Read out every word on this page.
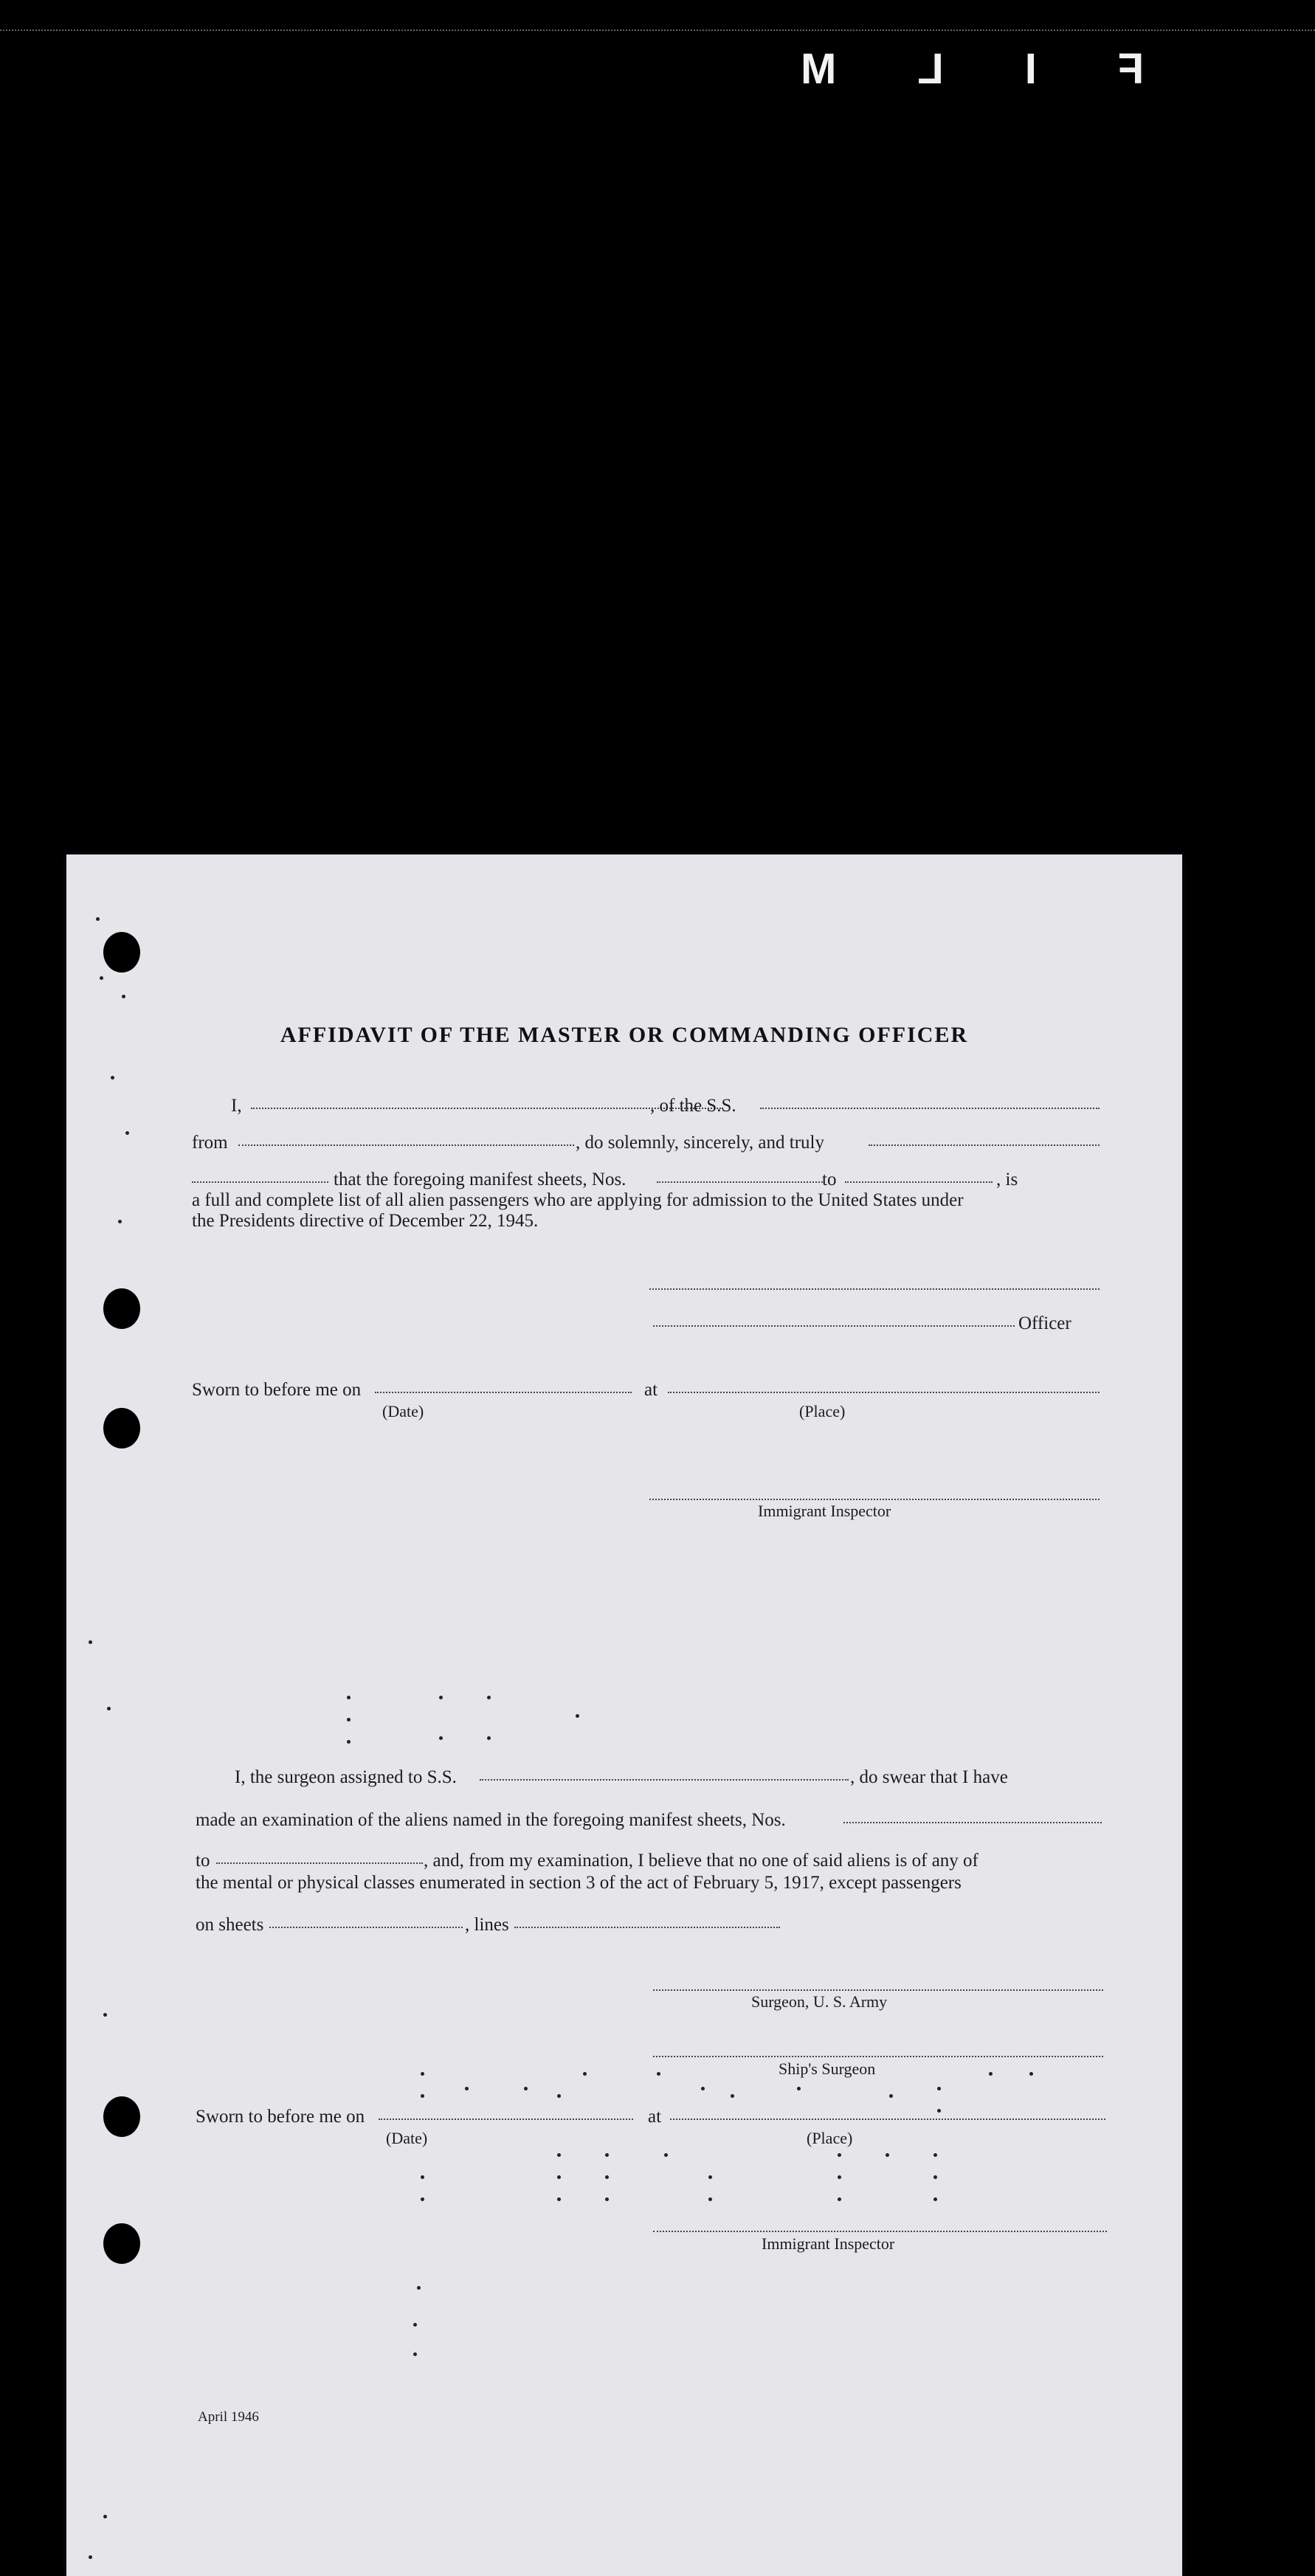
FILM
AFFIDAVIT OF THE MASTER OR COMMANDING OFFICER
I,	, of the S.S.
from	, do solemnly, sincerely, and truly
that the foregoing manifest sheets, Nos.	to	, is
a full and complete list of all alien passengers who are applying for admission to the United States under
the Presidents directive of December 22, 1945.
Officer
Sworn to before me on	at
(Date)	(Place)
Immigrant Inspector
I, the surgeon assigned to S.S.	, do swear that I have
made an examination of the aliens named in the foregoing manifest sheets, Nos.
to	, and, from my examination, I believe that no one of said aliens is of any of
the mental or physical classes enumerated in section 3 of the act of February 5, 1917, except passengers
on sheets	, lines
Surgeon, U. S. Army
Ship's Surgeon
Sworn to before me on	at
(Date)	(Place)
Immigrant Inspector
April 1946
